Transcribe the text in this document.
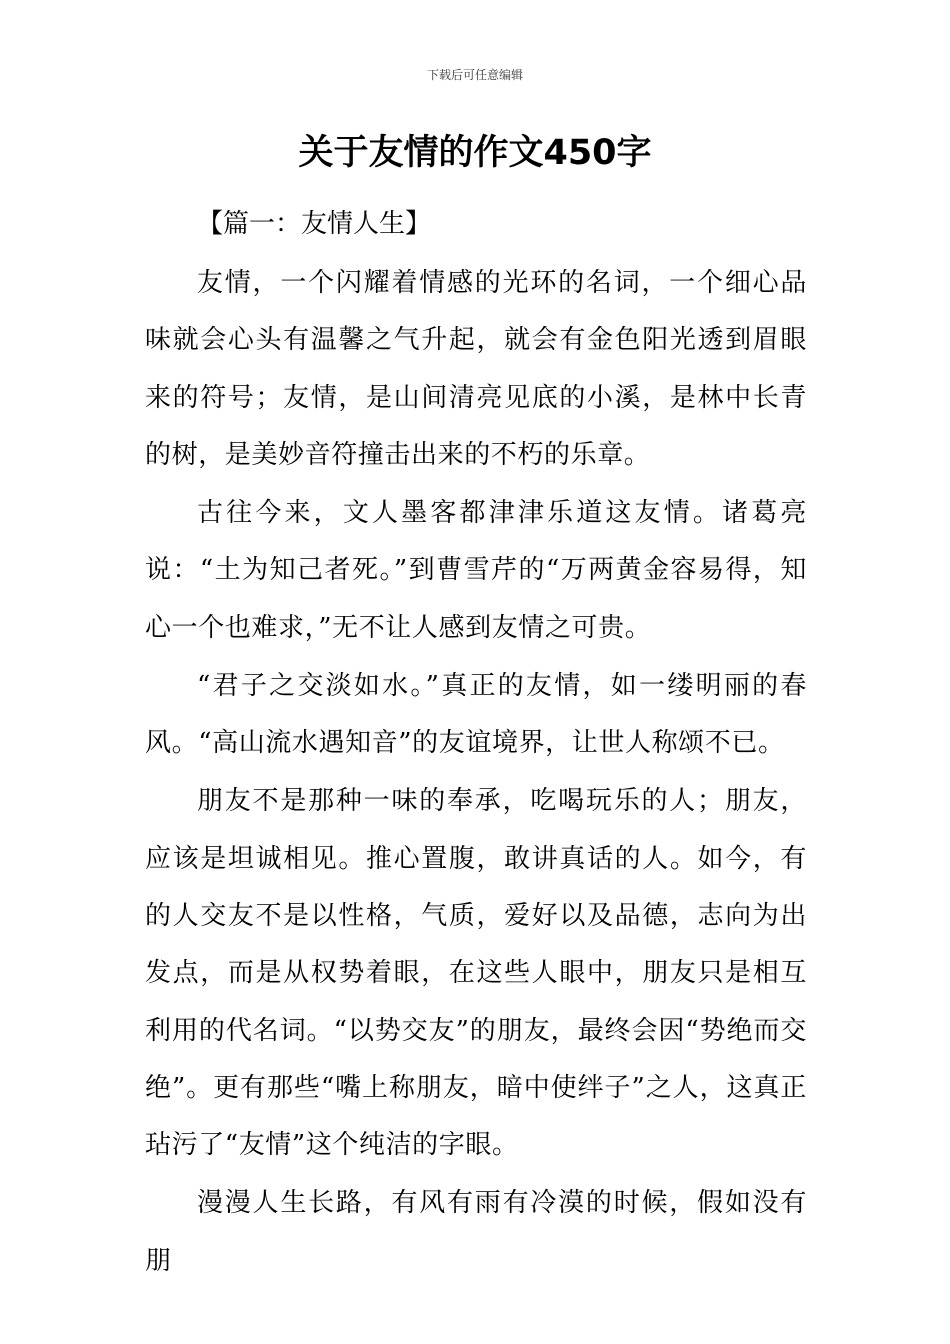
下载后可任意编辑
关于友情的作文450字

【篇一：友情人生】

友情，一个闪耀着情感的光环的名词，一个细心品味就会心头有温馨之气升起，就会有金色阳光透到眉眼来的符号；友情，是山间清亮见底的小溪，是林中长青的树，是美妙音符撞击出来的不朽的乐章。

古往今来，文人墨客都津津乐道这友情。诸葛亮说：“土为知己者死。”到曹雪芹的“万两黄金容易得，知心一个也难求，”无不让人感到友情之可贵。

“君子之交淡如水。”真正的友情，如一缕明丽的春风。“高山流水遇知音”的友谊境界，让世人称颂不已。

朋友不是那种一味的奉承，吃喝玩乐的人；朋友，应该是坦诚相见。推心置腹，敢讲真话的人。如今，有的人交友不是以性格，气质，爱好以及品德，志向为出发点，而是从权势着眼，在这些人眼中，朋友只是相互利用的代名词。“以势交友”的朋友，最终会因“势绝而交绝”。更有那些“嘴上称朋友，暗中使绊子”之人，这真正玷污了“友情”这个纯洁的字眼。

漫漫人生长路，有风有雨有冷漠的时候，假如没有朋
